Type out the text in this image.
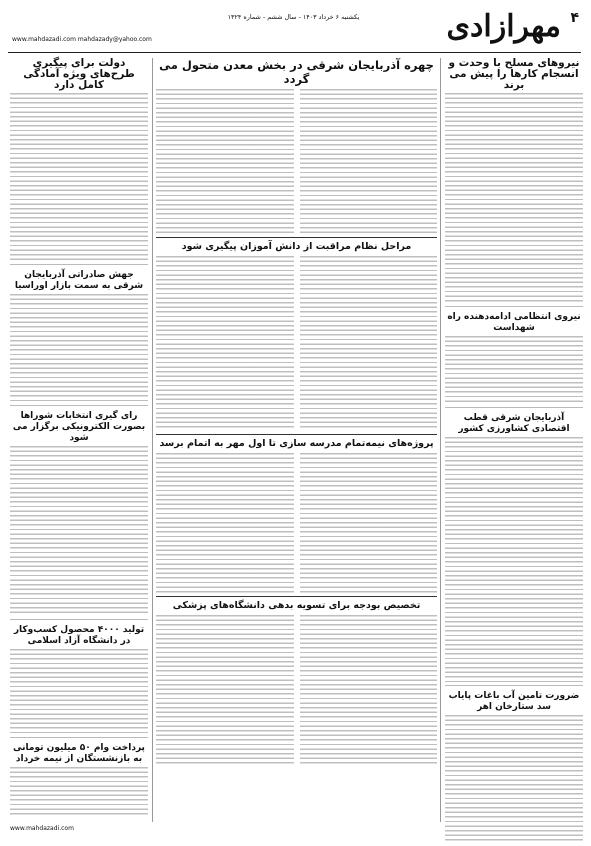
۴
مهرازادی
یکشنبه ۶ خرداد ۱۴۰۳ - سال ششم - شماره ۱۳۲۴
www.mahdazadi.com mahdazady@yahoo.com
نیروهای مسلح با وحدت و انسجام کارها را پیش می برند
نیروی انتظامی ادامه‌دهنده راه شهداست
آذربایجان شرقی قطب اقتصادی کشاورزی کشور
ضرورت تامین آب باغات پایاب سد ستارخان اهر
چهره آذربایجان شرقی در بخش معدن متحول می گردد
مراحل نظام مراقبت از دانش آموزان پیگیری شود
پروژه‌های نیمه‌تمام مدرسه سازی تا اول مهر به اتمام برسد
تخصیص بودجه برای تسویه بدهی دانشگاه‌های پزشکی
دولت برای پیگیری طرح‌های ویژه آمادگی کامل دارد
جهش صادراتی آذربایجان شرقی به سمت بازار اوراسیا
رای گیری انتخابات شوراها بصورت الکترونیکی برگزار می شود
تولید ۴۰۰۰ محصول کسب‌وکار در دانشگاه آزاد اسلامی
پرداخت وام ۵۰ میلیون تومانی به بازنشستگان از نیمه خرداد
www.mahdazadi.com
